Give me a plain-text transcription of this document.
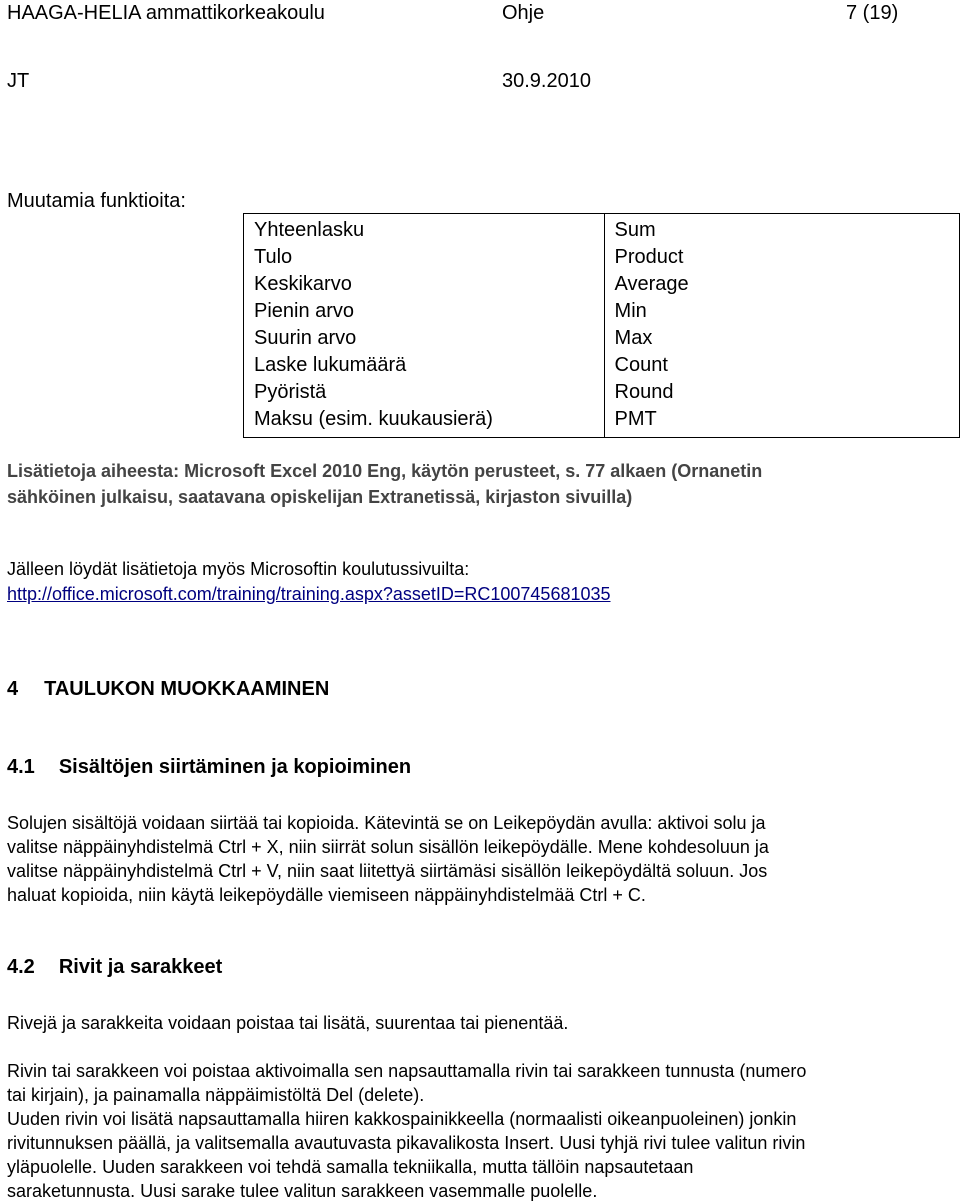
HAAGA-HELIA ammattikorkeakoulu	Ohje	7 (19)
JT	30.9.2010
Muutamia funktioita:
Yhteenlasku	Sum
Tulo	Product
Keskikarvo	Average
Pienin arvo	Min
Suurin arvo	Max
Laske lukumäärä	Count
Pyöristä	Round
Maksu (esim. kuukausierä)	PMT
Lisätietoja aiheesta: Microsoft Excel 2010 Eng, käytön perusteet, s. 77 alkaen (Ornanetin
sähköinen julkaisu, saatavana opiskelijan Extranetissä, kirjaston sivuilla)
Jälleen löydät lisätietoja myös Microsoftin koulutussivuilta:
http://office.microsoft.com/training/training.aspx?assetID=RC100745681035
4 TAULUKON MUOKKAAMINEN
4.1 Sisältöjen siirtäminen ja kopioiminen
Solujen sisältöjä voidaan siirtää tai kopioida. Kätevintä se on Leikepöydän avulla: aktivoi solu ja
valitse näppäinyhdistelmä Ctrl + X, niin siirrät solun sisällön leikepöydälle. Mene kohdesoluun ja
valitse näppäinyhdistelmä Ctrl + V, niin saat liitettyä siirtämäsi sisällön leikepöydältä soluun. Jos
haluat kopioida, niin käytä leikepöydälle viemiseen näppäinyhdistelmää Ctrl + C.
4.2 Rivit ja sarakkeet
Rivejä ja sarakkeita voidaan poistaa tai lisätä, suurentaa tai pienentää.
Rivin tai sarakkeen voi poistaa aktivoimalla sen napsauttamalla rivin tai sarakkeen tunnusta (numero
tai kirjain), ja painamalla näppäimistöltä Del (delete).
Uuden rivin voi lisätä napsauttamalla hiiren kakkospainikkeella (normaalisti oikeanpuoleinen) jonkin
rivitunnuksen päällä, ja valitsemalla avautuvasta pikavalikosta Insert. Uusi tyhjä rivi tulee valitun rivin
yläpuolelle. Uuden sarakkeen voi tehdä samalla tekniikalla, mutta tällöin napsautetaan
saraketunnusta. Uusi sarake tulee valitun sarakkeen vasemmalle puolelle.
